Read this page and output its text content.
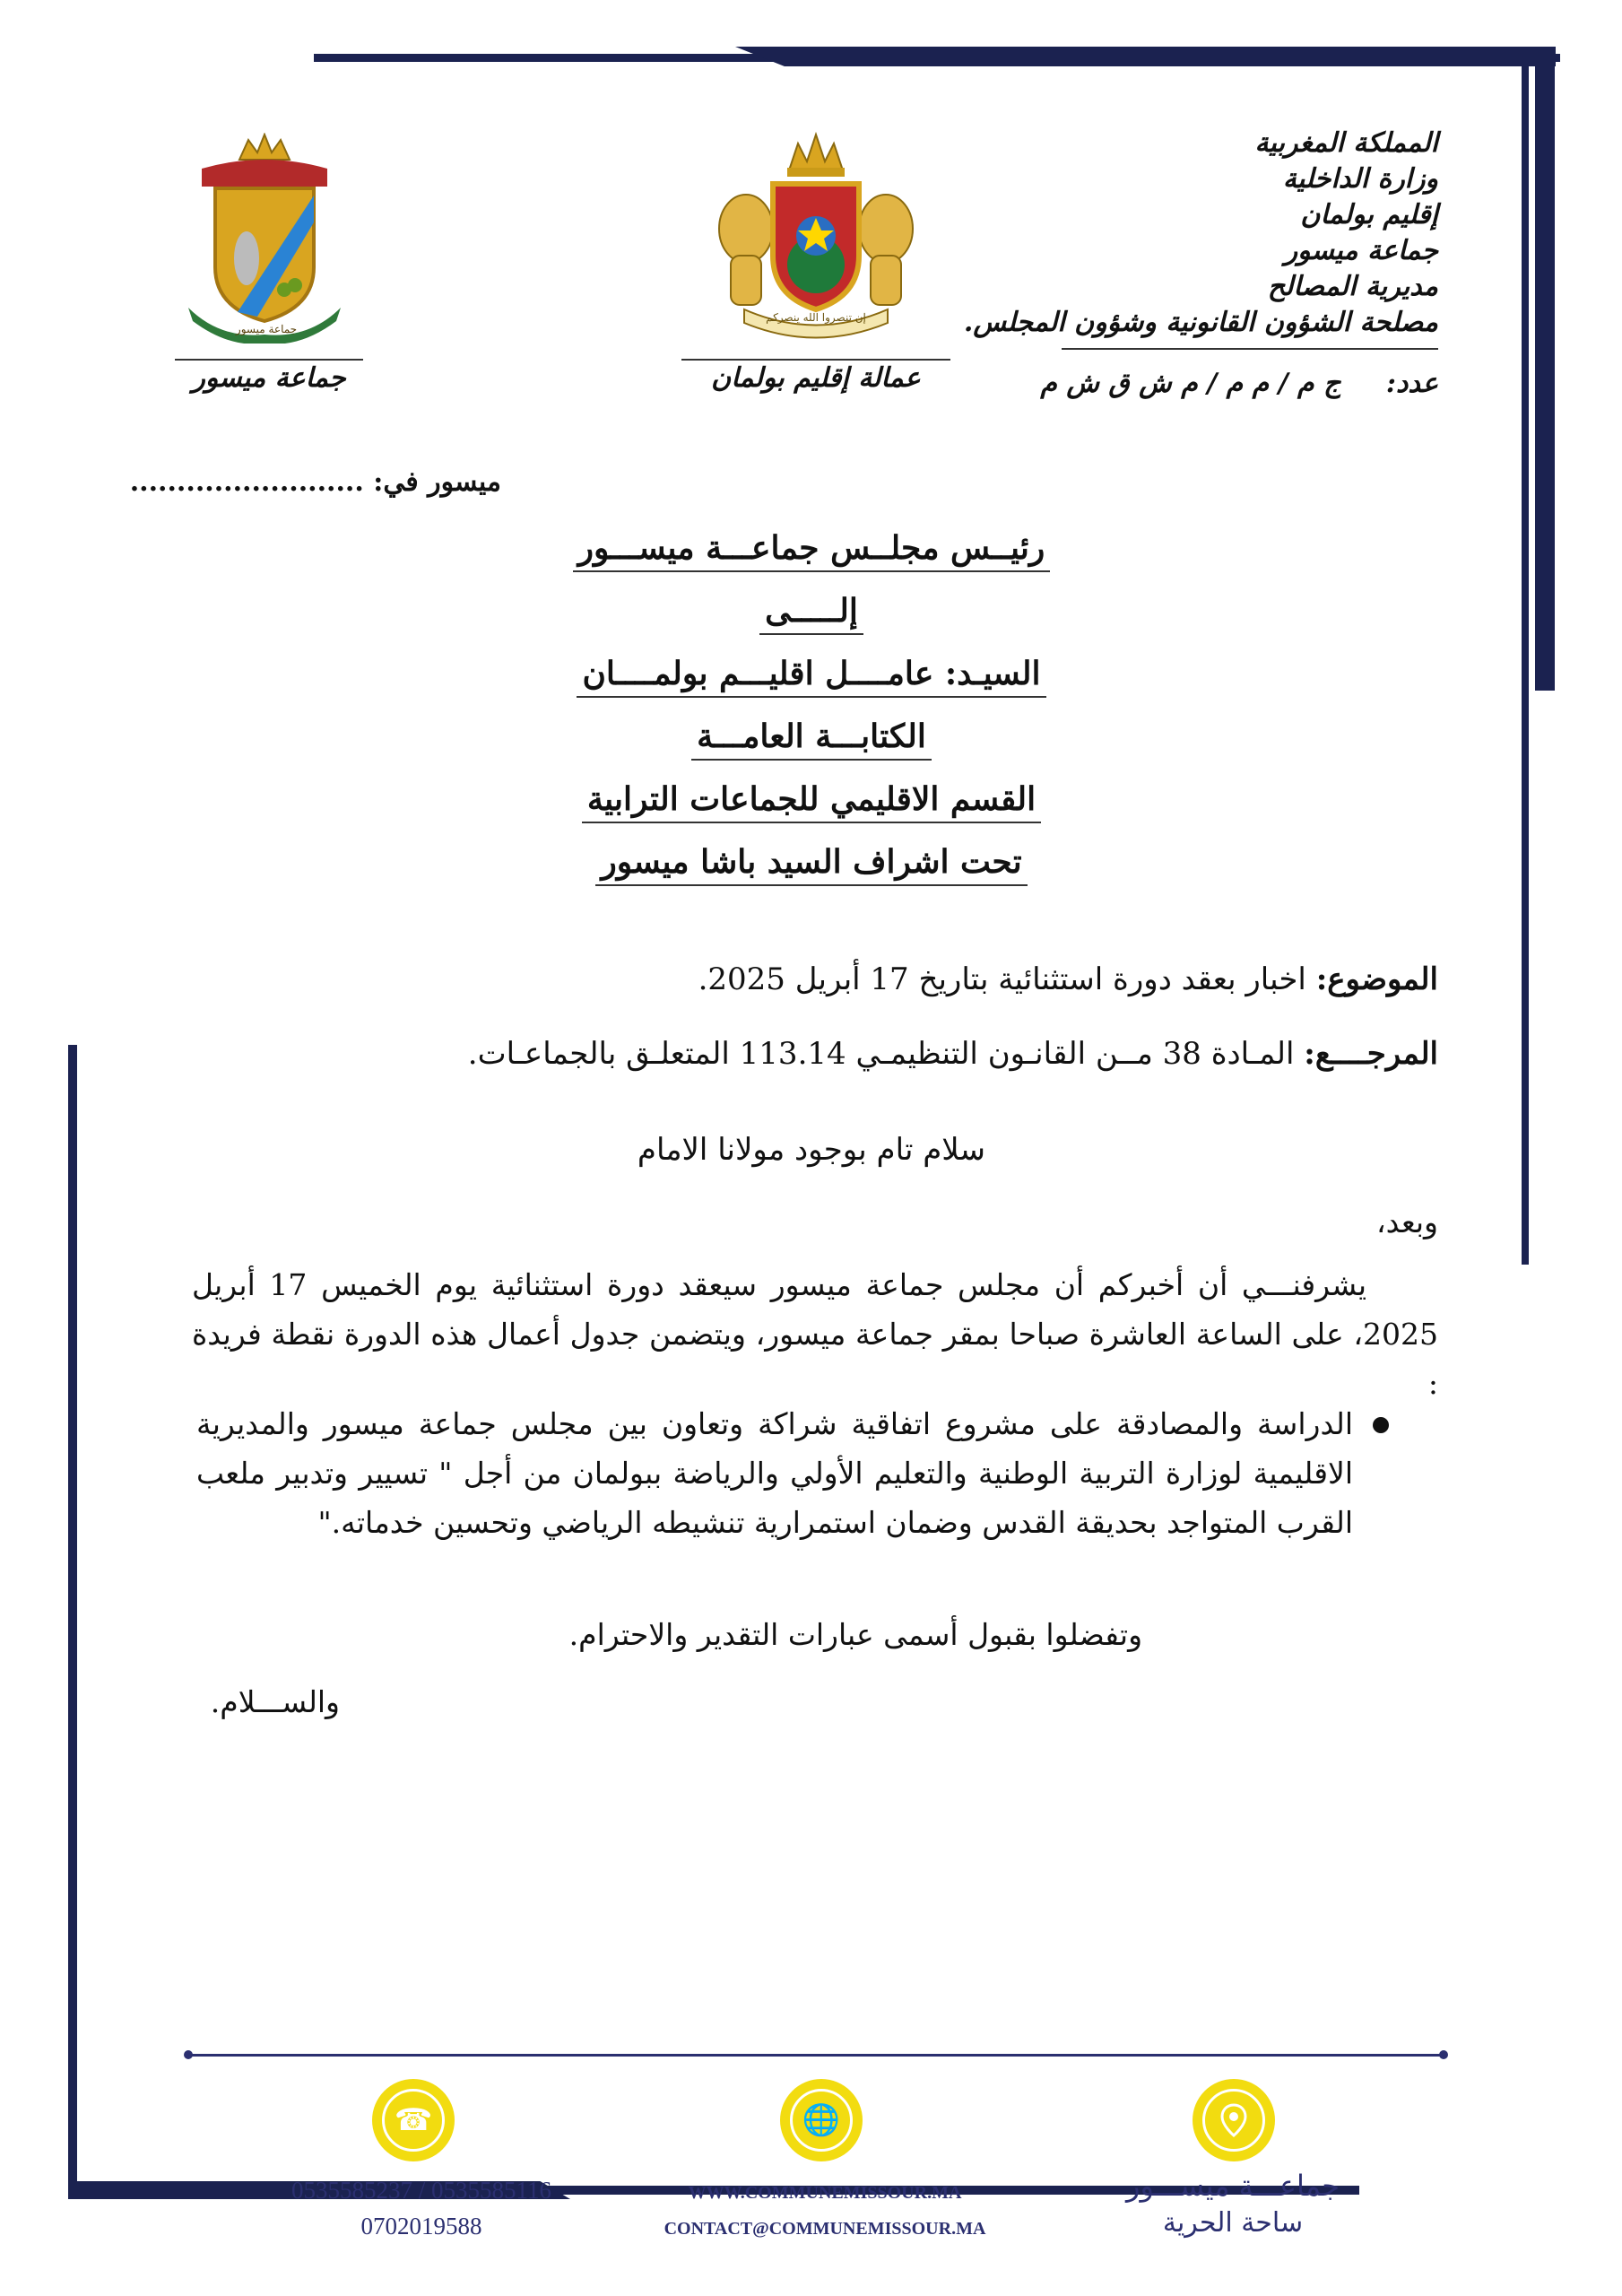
المملكة المغربية
وزارة الداخلية
إقليم بولمان
جماعة ميسور
مديرية المصالح
مصلحة الشؤون القانونية وشؤون المجلس.
عدد: ج م / م م / م ش ق ش م
عمالة إقليم بولمان
إن تنصروا الله ينصركم
جماعة ميسور
جماعة ميسور
ميسور في: .........................
رئيــس مجلــس جماعـــة ميســـور
إلـــــى
السيـد: عامــــل اقليـــم بولمــــان
الكتابـــة العامـــة
القسم الاقليمي للجماعات الترابية
تحت اشراف السيد باشا ميسور
الموضوع: اخبار بعقد دورة استثنائية بتاريخ 17 أبريل 2025.
المرجــــع: المـادة 38 مــن القانـون التنظيمـي 113.14 المتعلـق بالجماعـات.
سلام تام بوجود مولانا الامام
وبعد،
يشرفنـــي أن أخبركم أن مجلس جماعة ميسور سيعقد دورة استثنائية يوم الخميس 17 أبريل 2025، على الساعة العاشرة صباحا بمقر جماعة ميسور، ويتضمن جدول أعمال هذه الدورة نقطة فريدة :
الدراسة والمصادقة على مشروع اتفاقية شراكة وتعاون بين مجلس جماعة ميسور والمديرية الاقليمية لوزارة التربية الوطنية والتعليم الأولي والرياضة ببولمان من أجل " تسيير وتدبير ملعب القرب المتواجد بحديقة القدس وضمان استمرارية تنشيطه الرياضي وتحسين خدماته."
وتفضلوا بقبول أسمى عبارات التقدير والاحترام.
والســـلام.
☎	🌐
0535585237 / 0535585116
0702019588
WWW.COMMUNEMISSOUR.MA
CONTACT@COMMUNEMISSOUR.MA
جماعـــة ميســـور
ساحة الحرية
